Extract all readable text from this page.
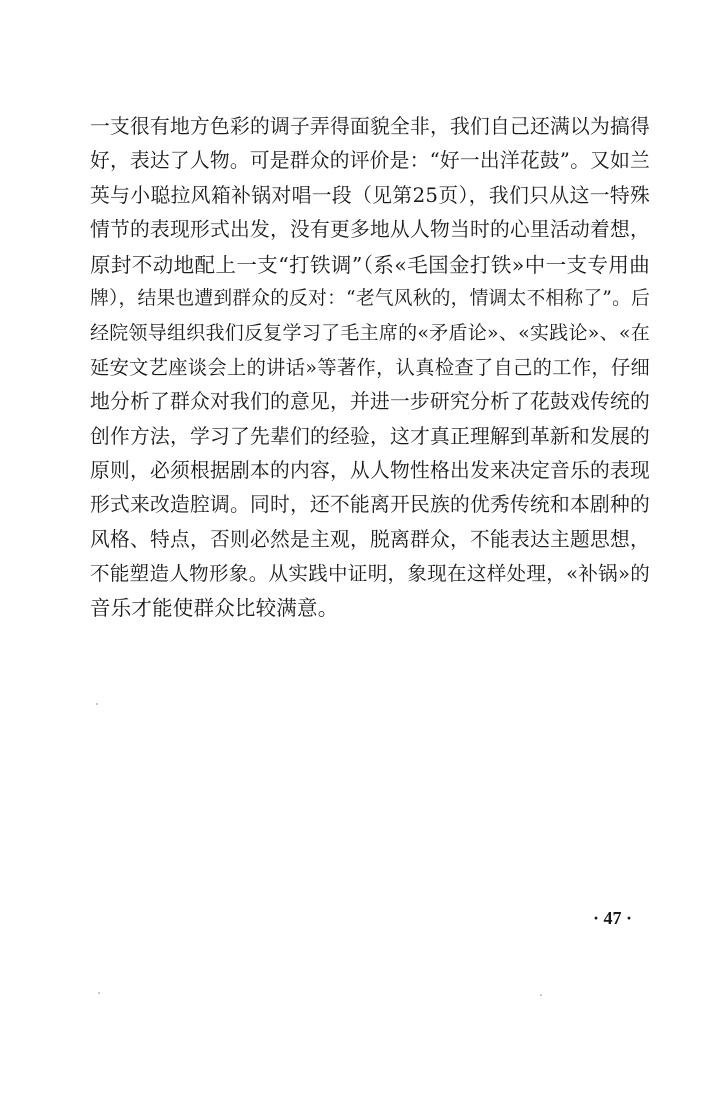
一支很有地方色彩的调子弄得面貌全非，我们自己还满以为搞得
好，表达了人物。可是群众的评价是：“好一出洋花鼓”。又如兰
英与小聪拉风箱补锅对唱一段（见第25页），我们只从这一特殊
情节的表现形式出发，没有更多地从人物当时的心里活动着想，
原封不动地配上一支“打铁调”（系«毛国金打铁»中一支专用曲
牌），结果也遭到群众的反对：“老气风秋的，情调太不相称了”。后
经院领导组织我们反复学习了毛主席的«矛盾论»、«实践论»、«在
延安文艺座谈会上的讲话»等著作，认真检查了自己的工作，仔细
地分析了群众对我们的意见，并进一步研究分析了花鼓戏传统的
创作方法，学习了先辈们的经验，这才真正理解到革新和发展的
原则，必须根据剧本的内容，从人物性格出发来决定音乐的表现
形式来改造腔调。同时，还不能离开民族的优秀传统和本剧种的
风格、特点，否则必然是主观，脱离群众，不能表达主题思想，
不能塑造人物形象。从实践中证明，象现在这样处理，«补锅»的
音乐才能使群众比较满意。
· 47 ·
